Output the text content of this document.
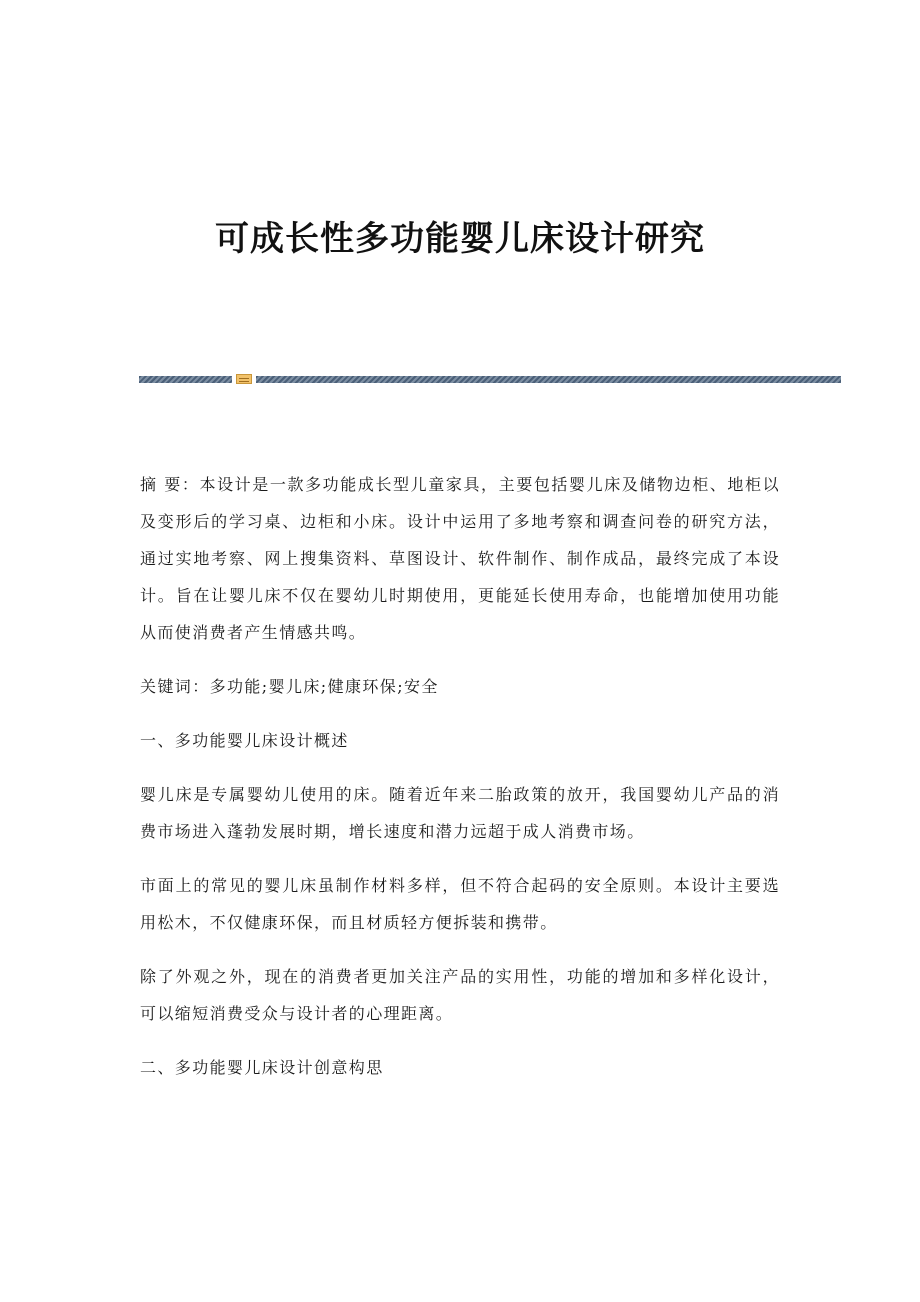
可成长性多功能婴儿床设计研究

摘 要：本设计是一款多功能成长型儿童家具，主要包括婴儿床及储物边柜、地柜以及变形后的学习桌、边柜和小床。设计中运用了多地考察和调查问卷的研究方法，通过实地考察、网上搜集资料、草图设计、软件制作、制作成品，最终完成了本设计。旨在让婴儿床不仅在婴幼儿时期使用，更能延长使用寿命，也能增加使用功能从而使消费者产生情感共鸣。

关键词：多功能;婴儿床;健康环保;安全

一、多功能婴儿床设计概述

婴儿床是专属婴幼儿使用的床。随着近年来二胎政策的放开，我国婴幼儿产品的消费市场进入蓬勃发展时期，增长速度和潜力远超于成人消费市场。

市面上的常见的婴儿床虽制作材料多样，但不符合起码的安全原则。本设计主要选用松木，不仅健康环保，而且材质轻方便拆装和携带。

除了外观之外，现在的消费者更加关注产品的实用性，功能的增加和多样化设计，可以缩短消费受众与设计者的心理距离。

二、多功能婴儿床设计创意构思
